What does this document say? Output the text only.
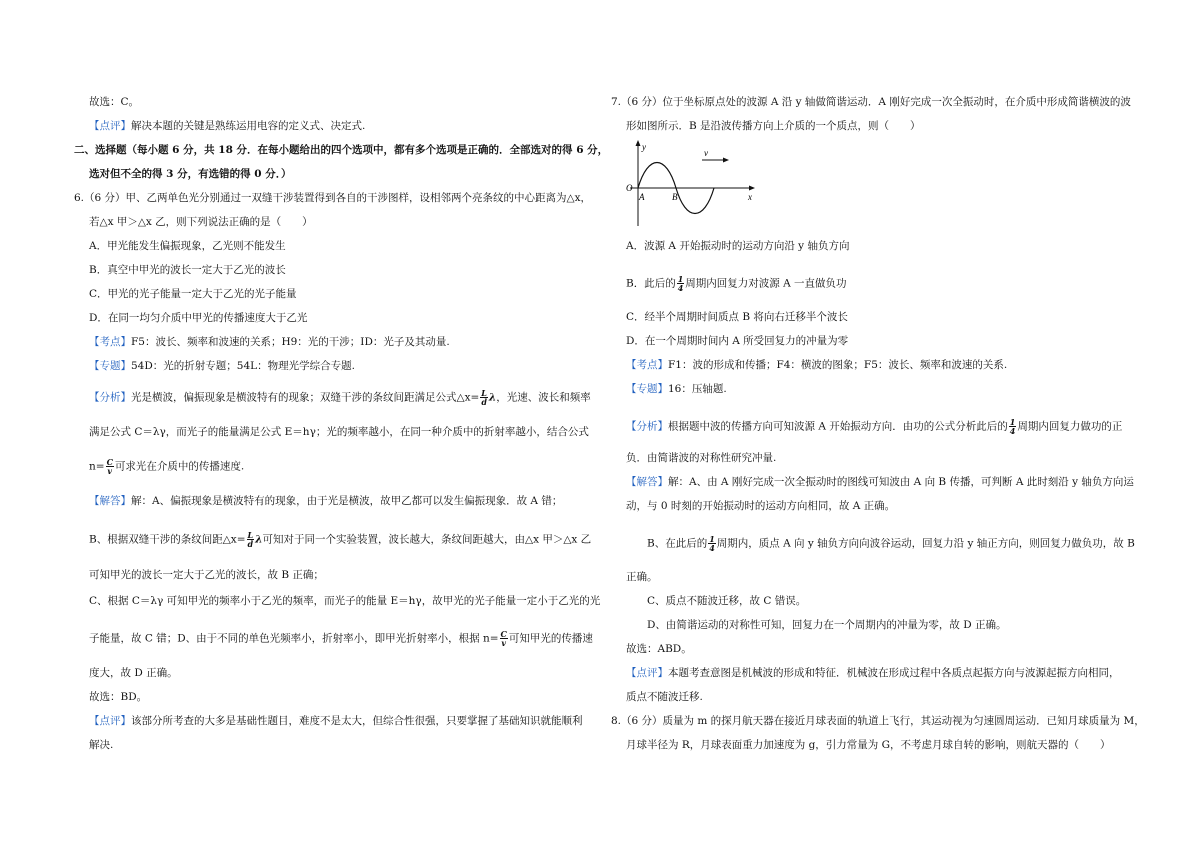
故选：C。
【点评】解决本题的关键是熟练运用电容的定义式、决定式.
二、选择题（每小题 6 分，共 18 分．在每小题给出的四个选项中，都有多个选项是正确的．全部选对的得 6 分，
选对但不全的得 3 分，有选错的得 0 分．）
6.（6 分）甲、乙两单色光分别通过一双缝干涉装置得到各自的干涉图样，设相邻两个亮条纹的中心距离为△x，
若△x 甲＞△x 乙，则下列说法正确的是（　　）
A．甲光能发生偏振现象，乙光则不能发生
B．真空中甲光的波长一定大于乙光的波长
C．甲光的光子能量一定大于乙光的光子能量
D．在同一均匀介质中甲光的传播速度大于乙光
【考点】F5：波长、频率和波速的关系；H9：光的干涉；ID：光子及其动量.
【专题】54D：光的折射专题；54L：物理光学综合专题.
【分析】光是横波，偏振现象是横波特有的现象；双缝干涉的条纹间距满足公式△x= $\frac{L}{d}$ λ，光速、波长和频率
满足公式 C＝λγ，而光子的能量满足公式 E＝hγ；光的频率越小，在同一种介质中的折射率越小，结合公式
$n= \frac{C}{v}$ 可求光在介质中的传播速度.
【解答】解：A、偏振现象是横波特有的现象，由于光是横波，故甲乙都可以发生偏振现象．故 A 错；
B、根据双缝干涉的条纹间距△x= $\frac{L}{d}$ λ可知对于同一个实验装置，波长越大，条纹间距越大，由△x 甲＞△x 乙
可知甲光的波长一定大于乙光的波长，故 B 正确；
C、根据 C＝λγ 可知甲光的频率小于乙光的频率，而光子的能量 E＝hγ，故甲光的光子能量一定小于乙光的光
子能量，故 C 错；D、由于不同的单色光频率小，折射率小，即甲光折射率小，根据 $n= \frac{C}{v}$ 可知甲光的传播速
度大，故 D 正确。
故选：BD。
【点评】该部分所考查的大多是基础性题目，难度不是太大，但综合性很强，只要掌握了基础知识就能顺利
解决.
7.（6 分）位于坐标原点处的波源 A 沿 y 轴做简谐运动．A 刚好完成一次全振动时，在介质中形成简谐横波的波
形如图所示．B 是沿波传播方向上介质的一个质点，则（　　）
y
v
O
A	B	x
A．波源 A 开始振动时的运动方向沿 y 轴负方向
B．此后的 $\frac{1}{4}$ 周期内回复力对波源 A 一直做负功
C．经半个周期时间质点 B 将向右迁移半个波长
D．在一个周期时间内 A 所受回复力的冲量为零
【考点】F1：波的形成和传播；F4：横波的图象；F5：波长、频率和波速的关系.
【专题】16：压轴题.
【分析】根据题中波的传播方向可知波源 A 开始振动方向．由功的公式分析此后的 $\frac{1}{4}$ 周期内回复力做功的正
负．由简谐波的对称性研究冲量.
【解答】解：A、由 A 刚好完成一次全振动时的图线可知波由 A 向 B 传播，可判断 A 此时刻沿 y 轴负方向运
动，与 0 时刻的开始振动时的运动方向相同，故 A 正确。
B、在此后的 $\frac{1}{4}$ 周期内，质点 A 向 y 轴负方向向波谷运动，回复力沿 y 轴正方向，则回复力做负功，故 B
正确。
C、质点不随波迁移，故 C 错误。
D、由简谐运动的对称性可知，回复力在一个周期内的冲量为零，故 D 正确。
故选：ABD。
【点评】本题考查意图是机械波的形成和特征．机械波在形成过程中各质点起振方向与波源起振方向相同，
质点不随波迁移.
8.（6 分）质量为 m 的探月航天器在接近月球表面的轨道上飞行，其运动视为匀速圆周运动．已知月球质量为 M，
月球半径为 R，月球表面重力加速度为 g，引力常量为 G，不考虑月球自转的影响，则航天器的（　　）
